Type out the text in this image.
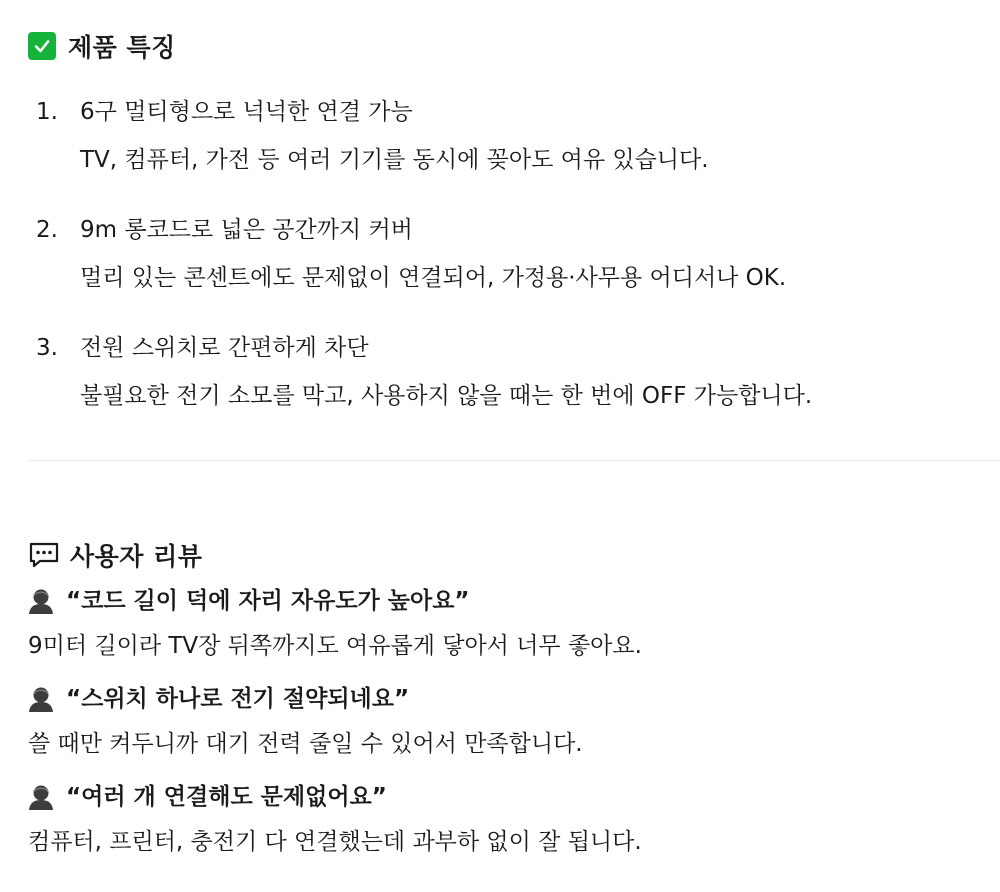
제품 특징
1. 6구 멀티형으로 넉넉한 연결 가능
TV, 컴퓨터, 가전 등 여러 기기를 동시에 꽂아도 여유 있습니다.
2. 9m 롱코드로 넓은 공간까지 커버
멀리 있는 콘센트에도 문제없이 연결되어, 가정용·사무용 어디서나 OK.
3. 전원 스위치로 간편하게 차단
불필요한 전기 소모를 막고, 사용하지 않을 때는 한 번에 OFF 가능합니다.
사용자 리뷰
“코드 길이 덕에 자리 자유도가 높아요”
9미터 길이라 TV장 뒤쪽까지도 여유롭게 닿아서 너무 좋아요.
“스위치 하나로 전기 절약되네요”
쓸 때만 켜두니까 대기 전력 줄일 수 있어서 만족합니다.
“여러 개 연결해도 문제없어요”
컴퓨터, 프린터, 충전기 다 연결했는데 과부하 없이 잘 됩니다.
